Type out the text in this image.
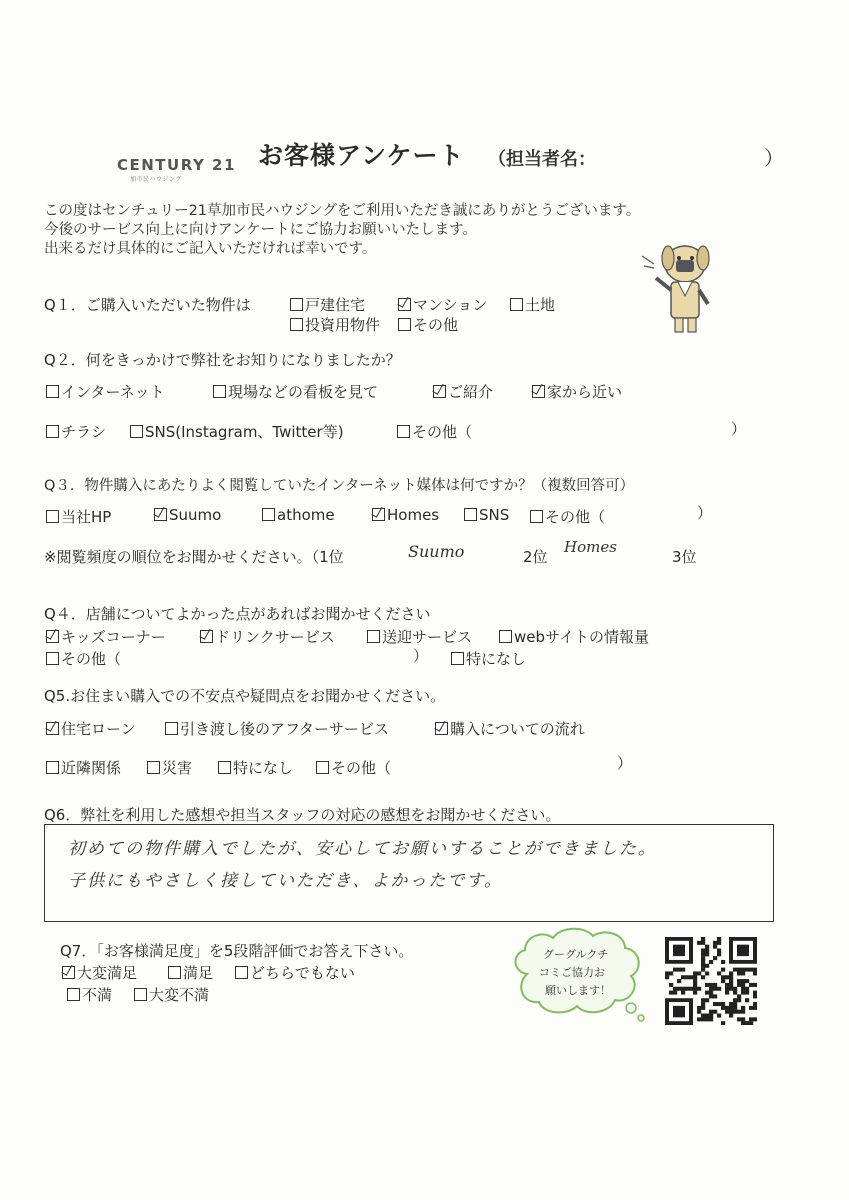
CENTURY 21
加市民ハウジング
お客様アンケート （担当者名：	）
この度はセンチュリー21草加市民ハウジングをご利用いただき誠にありがとうございます。
今後のサービス向上に向けアンケートにご協力お願いいたします。
出来るだけ具体的にご記入いただければ幸いです。
Q１．ご購入いただいた物件は	戸建住宅	マンション	土地
投資用物件	その他
Q２．何をきっかけで弊社をお知りになりましたか？
インターネット	現場などの看板を見て	ご紹介	家から近い
チラシ	SNS(Instagram、Twitter等)	その他（	）
Q３．物件購入にあたりよく閲覧していたインターネット媒体は何ですか？（複数回答可）
当社HP	Suumo	athome	Homes	SNS	その他（	）
※閲覧頻度の順位をお聞かせください。（1位	Suumo	2位
Homes
3位
Q４．店舗についてよかった点があればお聞かせください
キッズコーナー	ドリンクサービス	送迎サービス	webサイトの情報量
その他（	）	特になし
Q5.お住まい購入での不安点や疑問点をお聞かせください。
住宅ローン	引き渡し後のアフターサービス	購入についての流れ
近隣関係	災害	特になし	その他（	）
Q6．弊社を利用した感想や担当スタッフの対応の感想をお聞かせください。
初めての物件購入でしたが、安心してお願いすることができました。
子供にもやさしく接していただき、よかったです。
Q7．「お客様満足度」を5段階評価でお答え下さい。
大変満足	満足	どちらでもない
不満	大変不満
グーグルクチ
コミご協力お
願いします！
